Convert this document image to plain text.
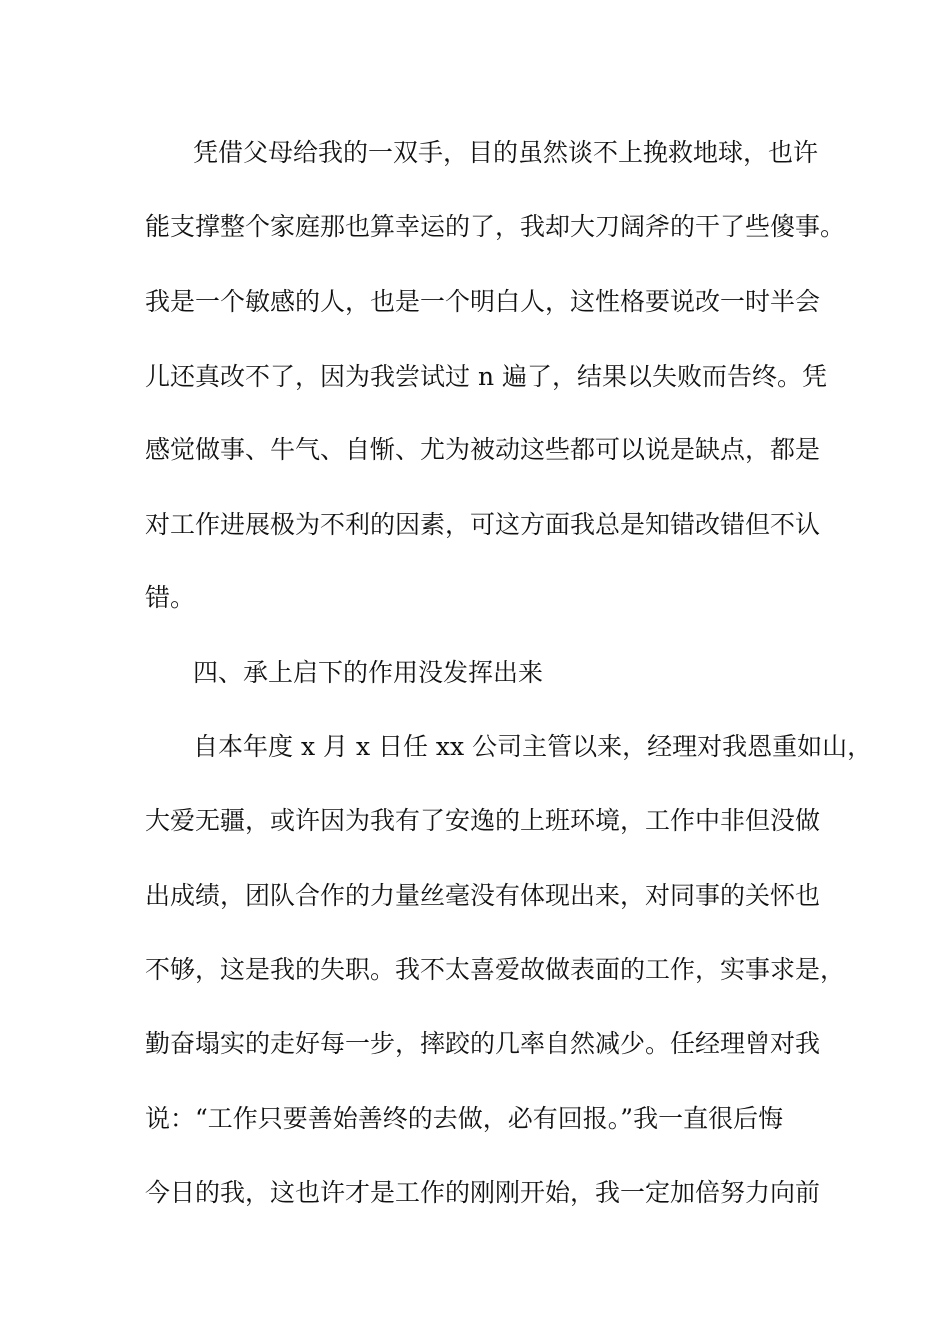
凭借父母给我的一双手，目的虽然谈不上挽救地球，也许
能支撑整个家庭那也算幸运的了，我却大刀阔斧的干了些傻事。
我是一个敏感的人，也是一个明白人，这性格要说改一时半会
儿还真改不了，因为我尝试过 n 遍了，结果以失败而告终。凭
感觉做事、牛气、自惭、尤为被动这些都可以说是缺点，都是
对工作进展极为不利的因素，可这方面我总是知错改错但不认
错。
四、承上启下的作用没发挥出来
自本年度 x 月 x 日任 xx 公司主管以来，经理对我恩重如山，
大爱无疆，或许因为我有了安逸的上班环境，工作中非但没做
出成绩，团队合作的力量丝毫没有体现出来，对同事的关怀也
不够，这是我的失职。我不太喜爱故做表面的工作，实事求是，
勤奋塌实的走好每一步，摔跤的几率自然减少。任经理曾对我
说：“工作只要善始善终的去做，必有回报。”我一直很后悔
今日的我，这也许才是工作的刚刚开始，我一定加倍努力向前
